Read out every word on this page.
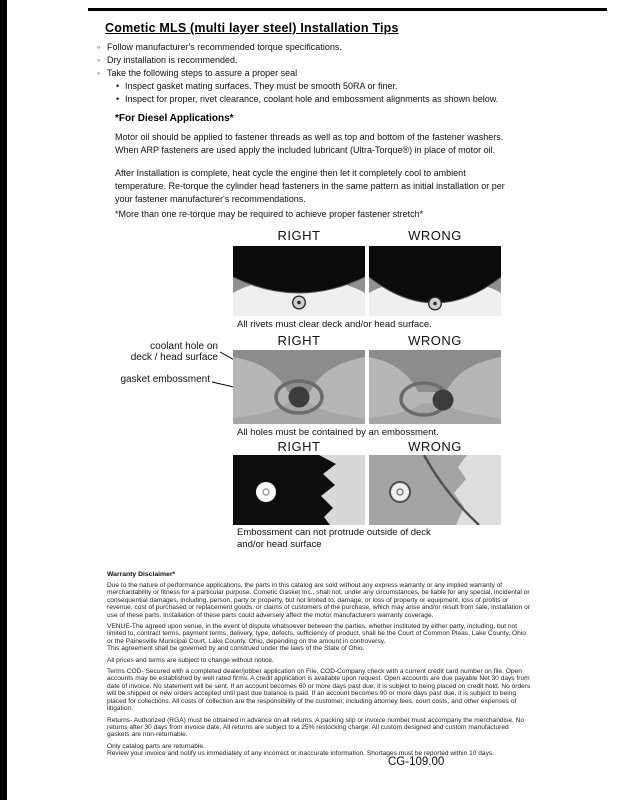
Cometic MLS (multi layer steel) Installation Tips
◦ Follow manufacturer's recommended torque specifications.
◦ Dry installation is recommended.
◦ Take the following steps to assure a proper seal
• Inspect gasket mating surfaces. They must be smooth 50RA or finer.
• Inspect for proper, rivet clearance, coolant hole and embossment alignments as shown below.
*For Diesel Applications*

Motor oil should be applied to fastener threads as well as top and bottom of the fastener washers. When ARP fasteners are used apply the included lubricant (Ultra-Torque®) in place of motor oil.

After Installation is complete, heat cycle the engine then let it completely cool to ambient temperature. Re-torque the cylinder head fasteners in the same pattern as initial installation or per your fastener manufacturer's recommendations.

*More than one re-torque may be required to achieve proper fastener stretch*
RIGHT	WRONG
All rivets must clear deck and/or head surface.
RIGHT	WRONG
coolant hole on
deck / head surface
gasket embossment
All holes must be contained by an embossment.
RIGHT	WRONG
Embossment can not protrude outside of deck and/or head surface
Warranty Disclaimer*

Due to the nature of performance applications, the parts in this catalog are sold without any express warranty or any implied warranty of merchantability or fitness for a particular purpose. Cometic Gasket Inc., shall not, under any circumstances, be liable for any special, incidental or consequential damages, including, person, party or property, but not limited to, damage, or loss of property or equipment, loss of profits or revenue, cost of purchased or replacement goods, or claims of customers of the purchase, which may arise and/or result from sale, installation or use of these parts. Installation of these parts could adversely affect the motor manufacturers warranty coverage.

VENUE-The agreed upon venue, in the event of dispute whatsoever between the parties, whether instituted by either party, including, but not limited to, contract terms, payment terms, delivery, type, defects, sufficiency of product, shall be the Court of Common Pleas, Lake County, Ohio or the Painesville Municipal Court, Lake County, Ohio, depending on the amount in controversy.

This agreement shall be governed by and construed under the laws of the State of Ohio.

All prices and terms are subject to change without notice.

Terms COD- Secured with a completed dealer/jobber application on File, COD-Company check with a current credit card number on file. Open accounts may be established by well rated firms. A credit application is available upon request. Open accounts are due payable Net 30 days from date of invoice. No statement will be sent. If an account becomes 60 or more days past due, it is subject to being placed on credit hold. No orders will be shipped or new orders accepted until past due balance is paid. If an account becomes 90 or more days past due, it is subject to being placed for collections. All costs of collection are the responsibility of the customer, including attorney fees, court costs, and other expenses of litigation.

Returns- Authorized (RGA) must be obtained in advance on all returns. A packing slip or invoice number must accompany the merchandise. No returns after 30 days from invoice date. All returns are subject to a 25% restocking charge. All custom designed and custom manufactured gaskets are non-returnable.

Only catalog parts are returnable.

Review your invoice and notify us immediately of any incorrect or inaccurate information. Shortages must be reported within 10 days.

CG-109.00
